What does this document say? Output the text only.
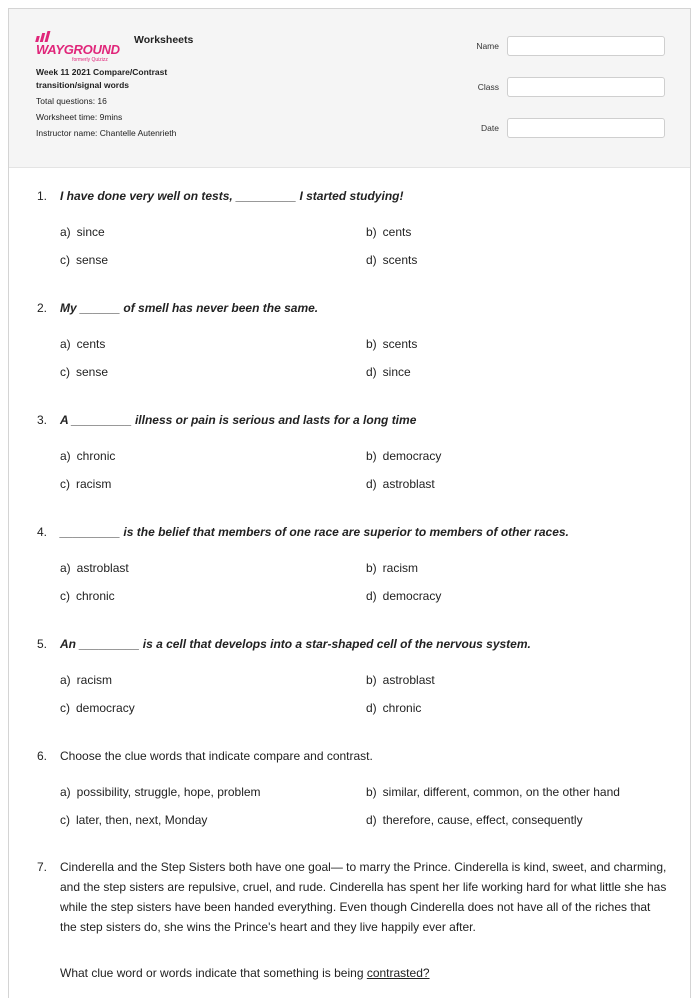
WAYGROUND
formerly Quizizz
Worksheets
Week 11 2021 Compare/Contrast transition/signal words
Total questions: 16
Worksheet time: 9mins
Instructor name: Chantelle Autenrieth
Name
Class
Date
1. I have done very well on tests, _________ I started studying!
a) since	b) cents
c) sense	d) scents
2. My ______ of smell has never been the same.
a) cents	b) scents
c) sense	d) since
3. A _________ illness or pain is serious and lasts for a long time
a) chronic	b) democracy
c) racism	d) astroblast
4. _________ is the belief that members of one race are superior to members of other races.
a) astroblast	b) racism
c) chronic	d) democracy
5. An _________ is a cell that develops into a star-shaped cell of the nervous system.
a) racism	b) astroblast
c) democracy	d) chronic
6. Choose the clue words that indicate compare and contrast.
a) possibility, struggle, hope, problem	b) similar, different, common, on the other hand
c) later, then, next, Monday	d) therefore, cause, effect, consequently
7. Cinderella and the Step Sisters both have one goal— to marry the Prince. Cinderella is kind, sweet, and charming, and the step sisters are repulsive, cruel, and rude. Cinderella has spent her life working hard for what little she has while the step sisters have been handed everything. Even though Cinderella does not have all of the riches that the step sisters do, she wins the Prince's heart and they live happily ever after.
What clue word or words indicate that something is being contrasted?
